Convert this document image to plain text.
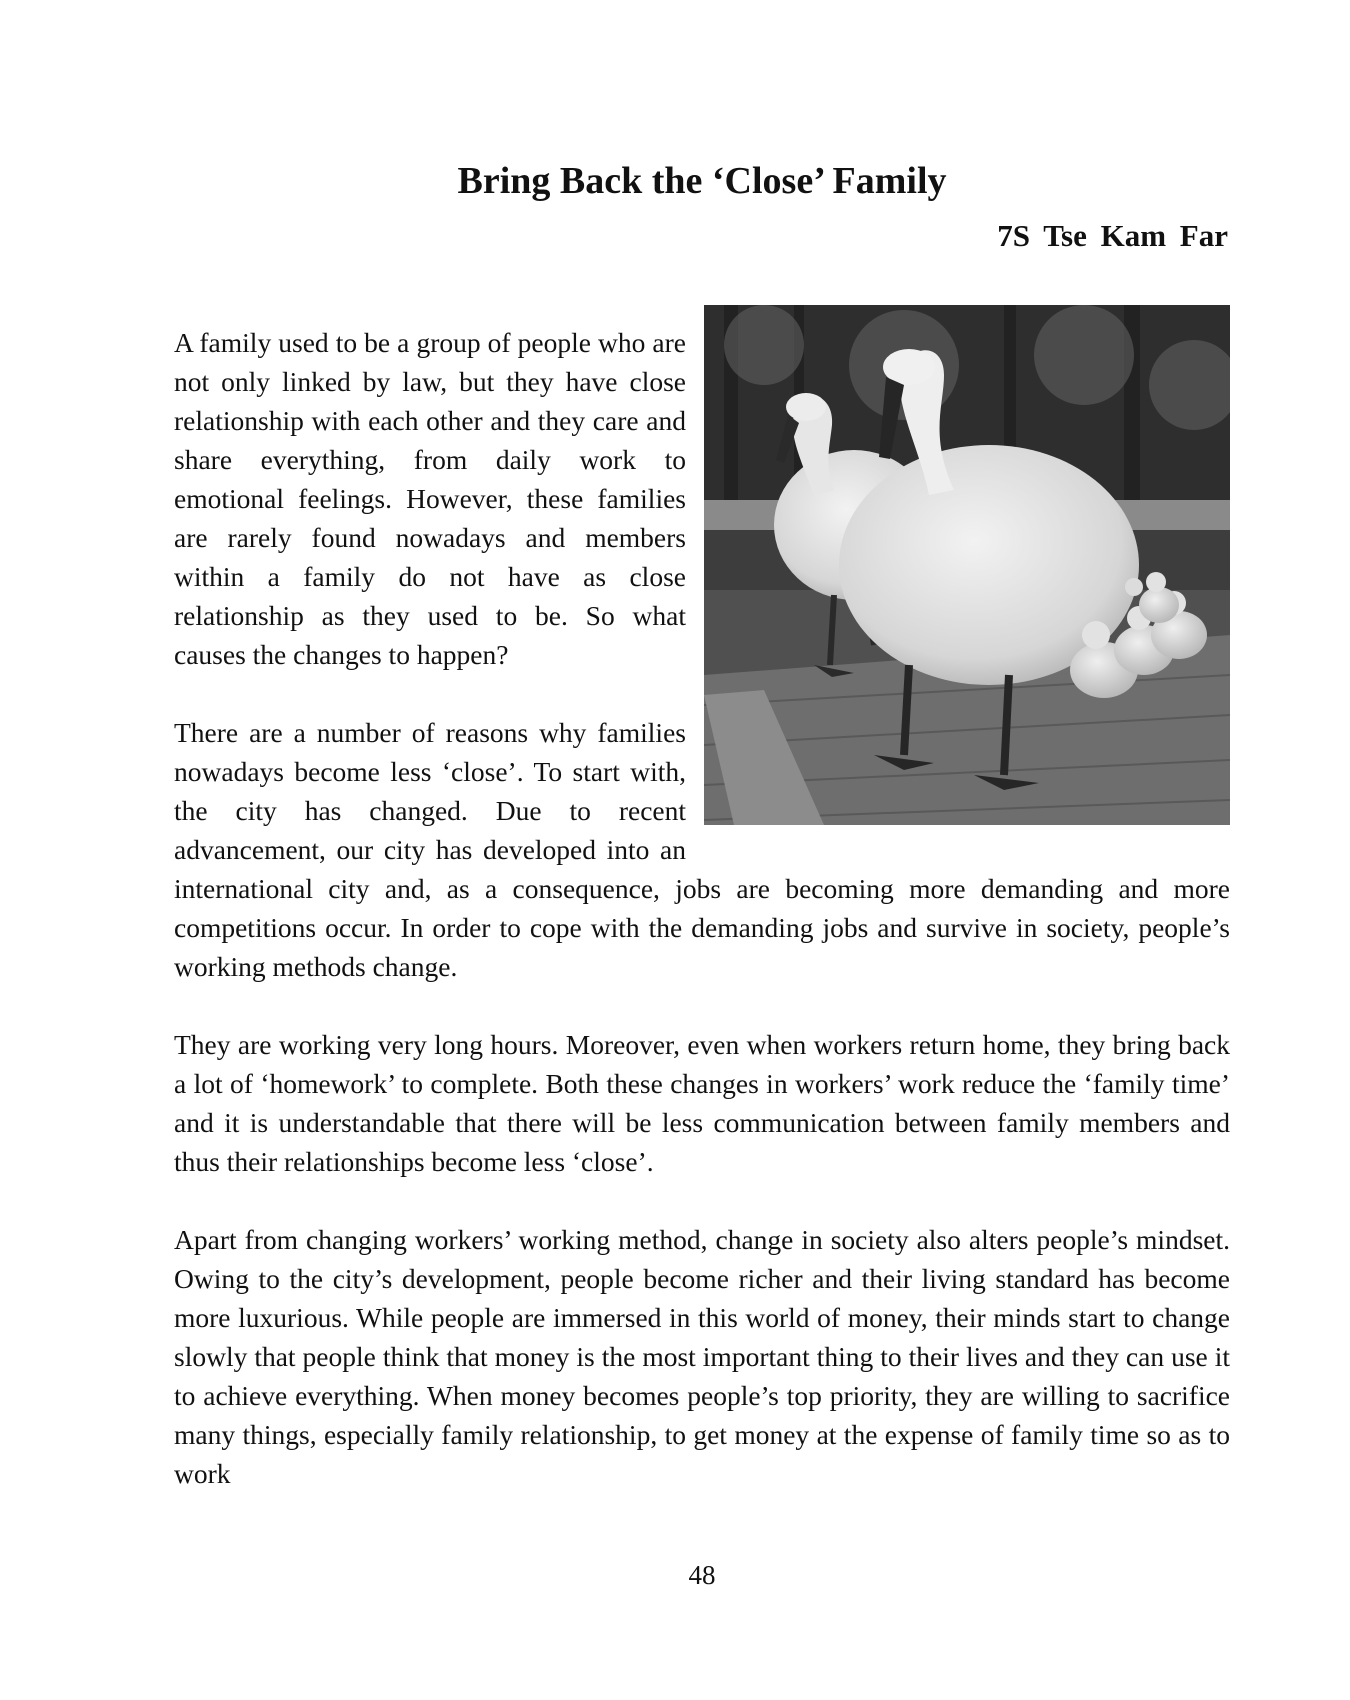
Bring Back the ‘Close’ Family
7S Tse Kam Far

A family used to be a group of people who are not only linked by law, but they have close relationship with each other and they care and share everything, from daily work to emotional feelings. However, these families are rarely found nowadays and members within a family do not have as close relationship as they used to be. So what causes the changes to happen?

There are a number of reasons why families nowadays become less ‘close’. To start with, the city has changed. Due to recent advancement, our city has developed into an international city and, as a consequence, jobs are becoming more demanding and more competitions occur. In order to cope with the demanding jobs and survive in society, people’s working methods change.

They are working very long hours. Moreover, even when workers return home, they bring back a lot of ‘homework’ to complete. Both these changes in workers’ work reduce the ‘family time’ and it is understandable that there will be less communication between family members and thus their relationships become less ‘close’.

Apart from changing workers’ working method, change in society also alters people’s mindset. Owing to the city’s development, people become richer and their living standard has become more luxurious. While people are immersed in this world of money, their minds start to change slowly that people think that money is the most important thing to their lives and they can use it to achieve everything. When money becomes people’s top priority, they are willing to sacrifice many things, especially family relationship, to get money at the expense of family time so as to work

48
